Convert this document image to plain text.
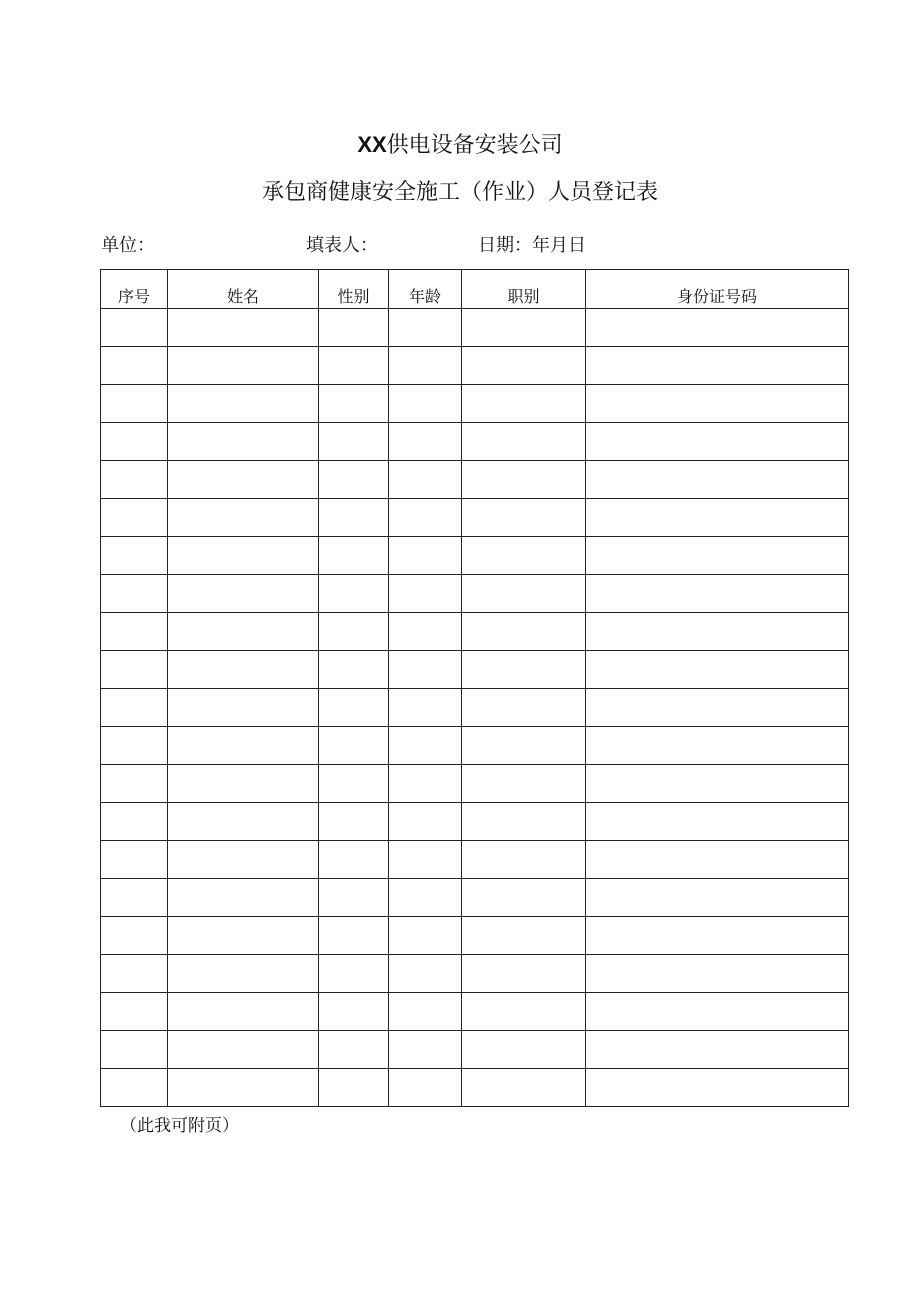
XX供电设备安装公司
承包商健康安全施工（作业）人员登记表
单位：	填表人：	日期：年月日
序号	姓名	性别	年龄	职别	身份证号码

（此我可附页）
